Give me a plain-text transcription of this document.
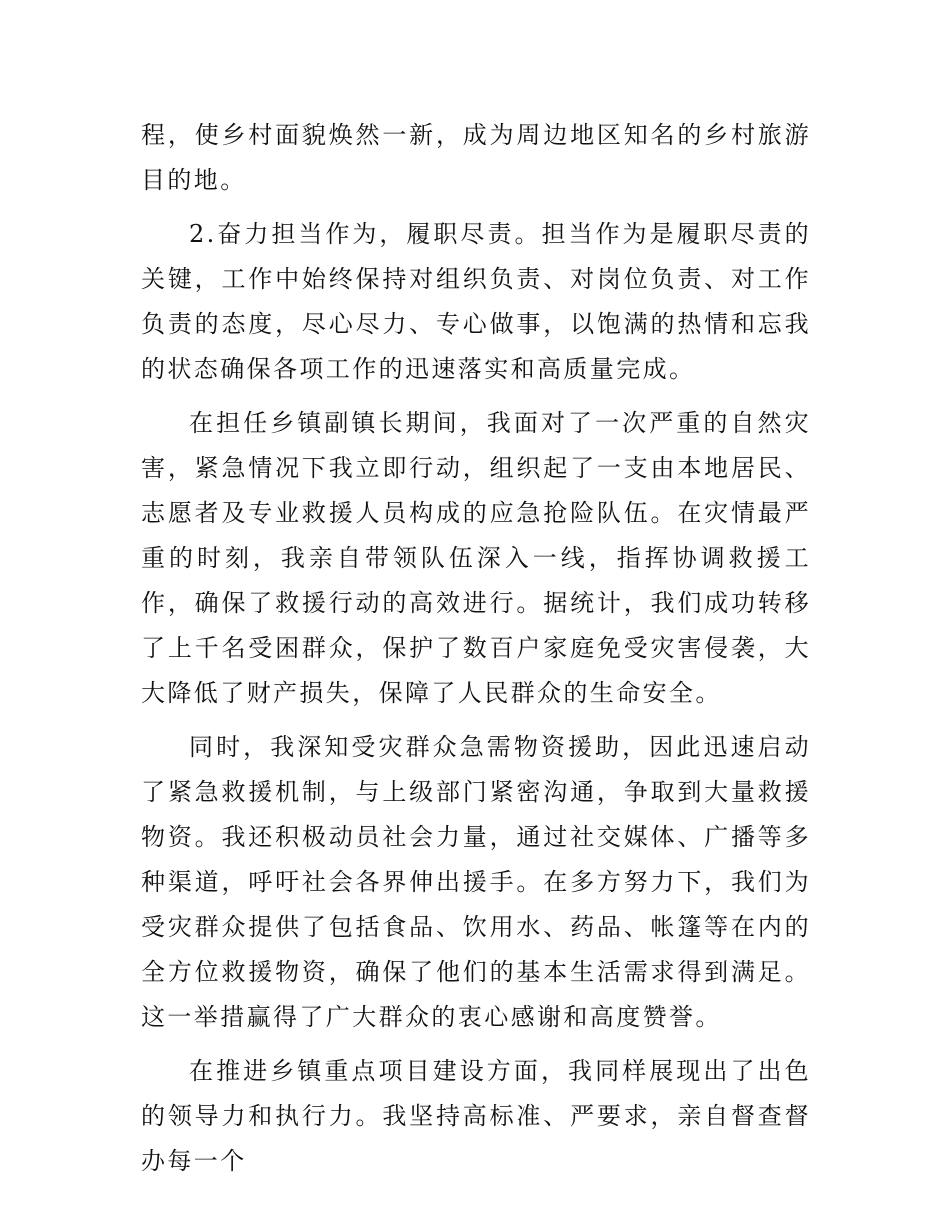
程，使乡村面貌焕然一新，成为周边地区知名的乡村旅游目的地。

2.奋力担当作为，履职尽责。担当作为是履职尽责的关键，工作中始终保持对组织负责、对岗位负责、对工作负责的态度，尽心尽力、专心做事，以饱满的热情和忘我的状态确保各项工作的迅速落实和高质量完成。

在担任乡镇副镇长期间，我面对了一次严重的自然灾害，紧急情况下我立即行动，组织起了一支由本地居民、志愿者及专业救援人员构成的应急抢险队伍。在灾情最严重的时刻，我亲自带领队伍深入一线，指挥协调救援工作，确保了救援行动的高效进行。据统计，我们成功转移了上千名受困群众，保护了数百户家庭免受灾害侵袭，大大降低了财产损失，保障了人民群众的生命安全。

同时，我深知受灾群众急需物资援助，因此迅速启动了紧急救援机制，与上级部门紧密沟通，争取到大量救援物资。我还积极动员社会力量，通过社交媒体、广播等多种渠道，呼吁社会各界伸出援手。在多方努力下，我们为受灾群众提供了包括食品、饮用水、药品、帐篷等在内的全方位救援物资，确保了他们的基本生活需求得到满足。这一举措赢得了广大群众的衷心感谢和高度赞誉。

在推进乡镇重点项目建设方面，我同样展现出了出色的领导力和执行力。我坚持高标准、严要求，亲自督查督办每一个
